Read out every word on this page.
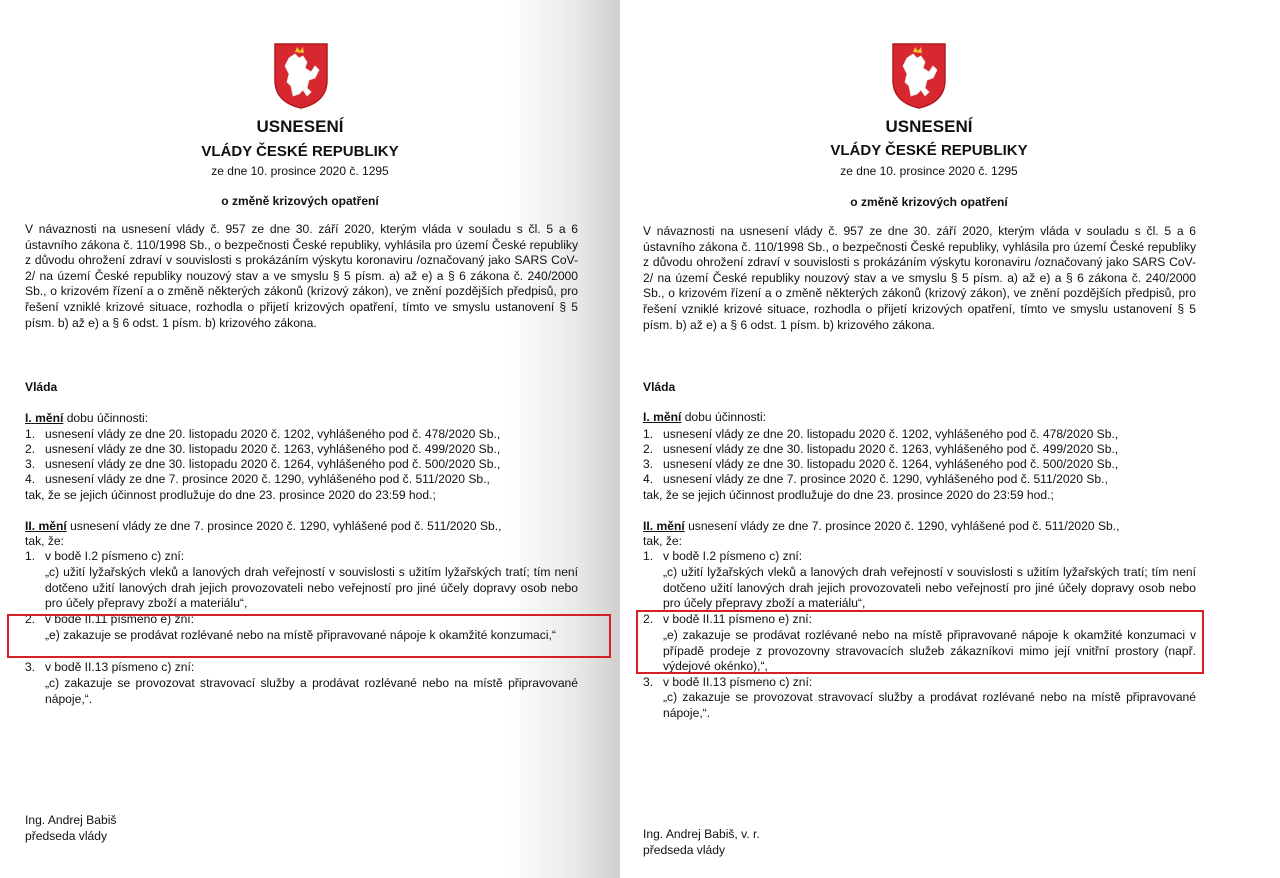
USNESENÍ
VLÁDY ČESKÉ REPUBLIKY
ze dne 10. prosince 2020 č. 1295
o změně krizových opatření
V návaznosti na usnesení vlády č. 957 ze dne 30. září 2020, kterým vláda v souladu s čl. 5 a 6 ústavního zákona č. 110/1998 Sb., o bezpečnosti České republiky, vyhlásila pro území České republiky z důvodu ohrožení zdraví v souvislosti s prokázáním výskytu koronaviru /označovaný jako SARS CoV-2/ na území České republiky nouzový stav a ve smyslu § 5 písm. a) až e) a § 6 zákona č. 240/2000 Sb., o krizovém řízení a o změně některých zákonů (krizový zákon), ve znění pozdějších předpisů, pro řešení vzniklé krizové situace, rozhodla o přijetí krizových opatření, tímto ve smyslu ustanovení § 5 písm. b) až e) a § 6 odst. 1 písm. b) krizového zákona.
Vláda
I. mění dobu účinnosti:
1. usnesení vlády ze dne 20. listopadu 2020 č. 1202, vyhlášeného pod č. 478/2020 Sb.,
2. usnesení vlády ze dne 30. listopadu 2020 č. 1263, vyhlášeného pod č. 499/2020 Sb.,
3. usnesení vlády ze dne 30. listopadu 2020 č. 1264, vyhlášeného pod č. 500/2020 Sb.,
4. usnesení vlády ze dne 7. prosince 2020 č. 1290, vyhlášeného pod č. 511/2020 Sb.,
tak, že se jejich účinnost prodlužuje do dne 23. prosince 2020 do 23:59 hod.;
II. mění usnesení vlády ze dne 7. prosince 2020 č. 1290, vyhlášené pod č. 511/2020 Sb.,
tak, že:
1. v bodě I.2 písmeno c) zní:
„c) užití lyžařských vleků a lanových drah veřejností v souvislosti s užitím lyžařských tratí; tím není dotčeno užití lanových drah jejich provozovateli nebo veřejností pro jiné účely dopravy osob nebo pro účely přepravy zboží a materiálu“,
2. v bodě II.11 písmeno e) zní:
„e) zakazuje se prodávat rozlévané nebo na místě připravované nápoje k okamžité konzumaci,“
3. v bodě II.13 písmeno c) zní:
„c) zakazuje se provozovat stravovací služby a prodávat rozlévané nebo na místě připravované nápoje,“.
Ing. Andrej Babiš
předseda vlády
USNESENÍ
VLÁDY ČESKÉ REPUBLIKY
ze dne 10. prosince 2020 č. 1295
o změně krizových opatření
V návaznosti na usnesení vlády č. 957 ze dne 30. září 2020, kterým vláda v souladu s čl. 5 a 6 ústavního zákona č. 110/1998 Sb., o bezpečnosti České republiky, vyhlásila pro území České republiky z důvodu ohrožení zdraví v souvislosti s prokázáním výskytu koronaviru /označovaný jako SARS CoV-2/ na území České republiky nouzový stav a ve smyslu § 5 písm. a) až e) a § 6 zákona č. 240/2000 Sb., o krizovém řízení a o změně některých zákonů (krizový zákon), ve znění pozdějších předpisů, pro řešení vzniklé krizové situace, rozhodla o přijetí krizových opatření, tímto ve smyslu ustanovení § 5 písm. b) až e) a § 6 odst. 1 písm. b) krizového zákona.
Vláda
I. mění dobu účinnosti:
1. usnesení vlády ze dne 20. listopadu 2020 č. 1202, vyhlášeného pod č. 478/2020 Sb.,
2. usnesení vlády ze dne 30. listopadu 2020 č. 1263, vyhlášeného pod č. 499/2020 Sb.,
3. usnesení vlády ze dne 30. listopadu 2020 č. 1264, vyhlášeného pod č. 500/2020 Sb.,
4. usnesení vlády ze dne 7. prosince 2020 č. 1290, vyhlášeného pod č. 511/2020 Sb.,
tak, že se jejich účinnost prodlužuje do dne 23. prosince 2020 do 23:59 hod.;
II. mění usnesení vlády ze dne 7. prosince 2020 č. 1290, vyhlášené pod č. 511/2020 Sb.,
tak, že:
1. v bodě I.2 písmeno c) zní:
„c) užití lyžařských vleků a lanových drah veřejností v souvislosti s užitím lyžařských tratí; tím není dotčeno užití lanových drah jejich provozovateli nebo veřejností pro jiné účely dopravy osob nebo pro účely přepravy zboží a materiálu“,
2. v bodě II.11 písmeno e) zní:
„e) zakazuje se prodávat rozlévané nebo na místě připravované nápoje k okamžité konzumaci v případě prodeje z provozovny stravovacích služeb zákazníkovi mimo její vnitřní prostory (např. výdejové okénko),“,
3. v bodě II.13 písmeno c) zní:
„c) zakazuje se provozovat stravovací služby a prodávat rozlévané nebo na místě připravované nápoje,“.
Ing. Andrej Babiš, v. r.
předseda vlády
